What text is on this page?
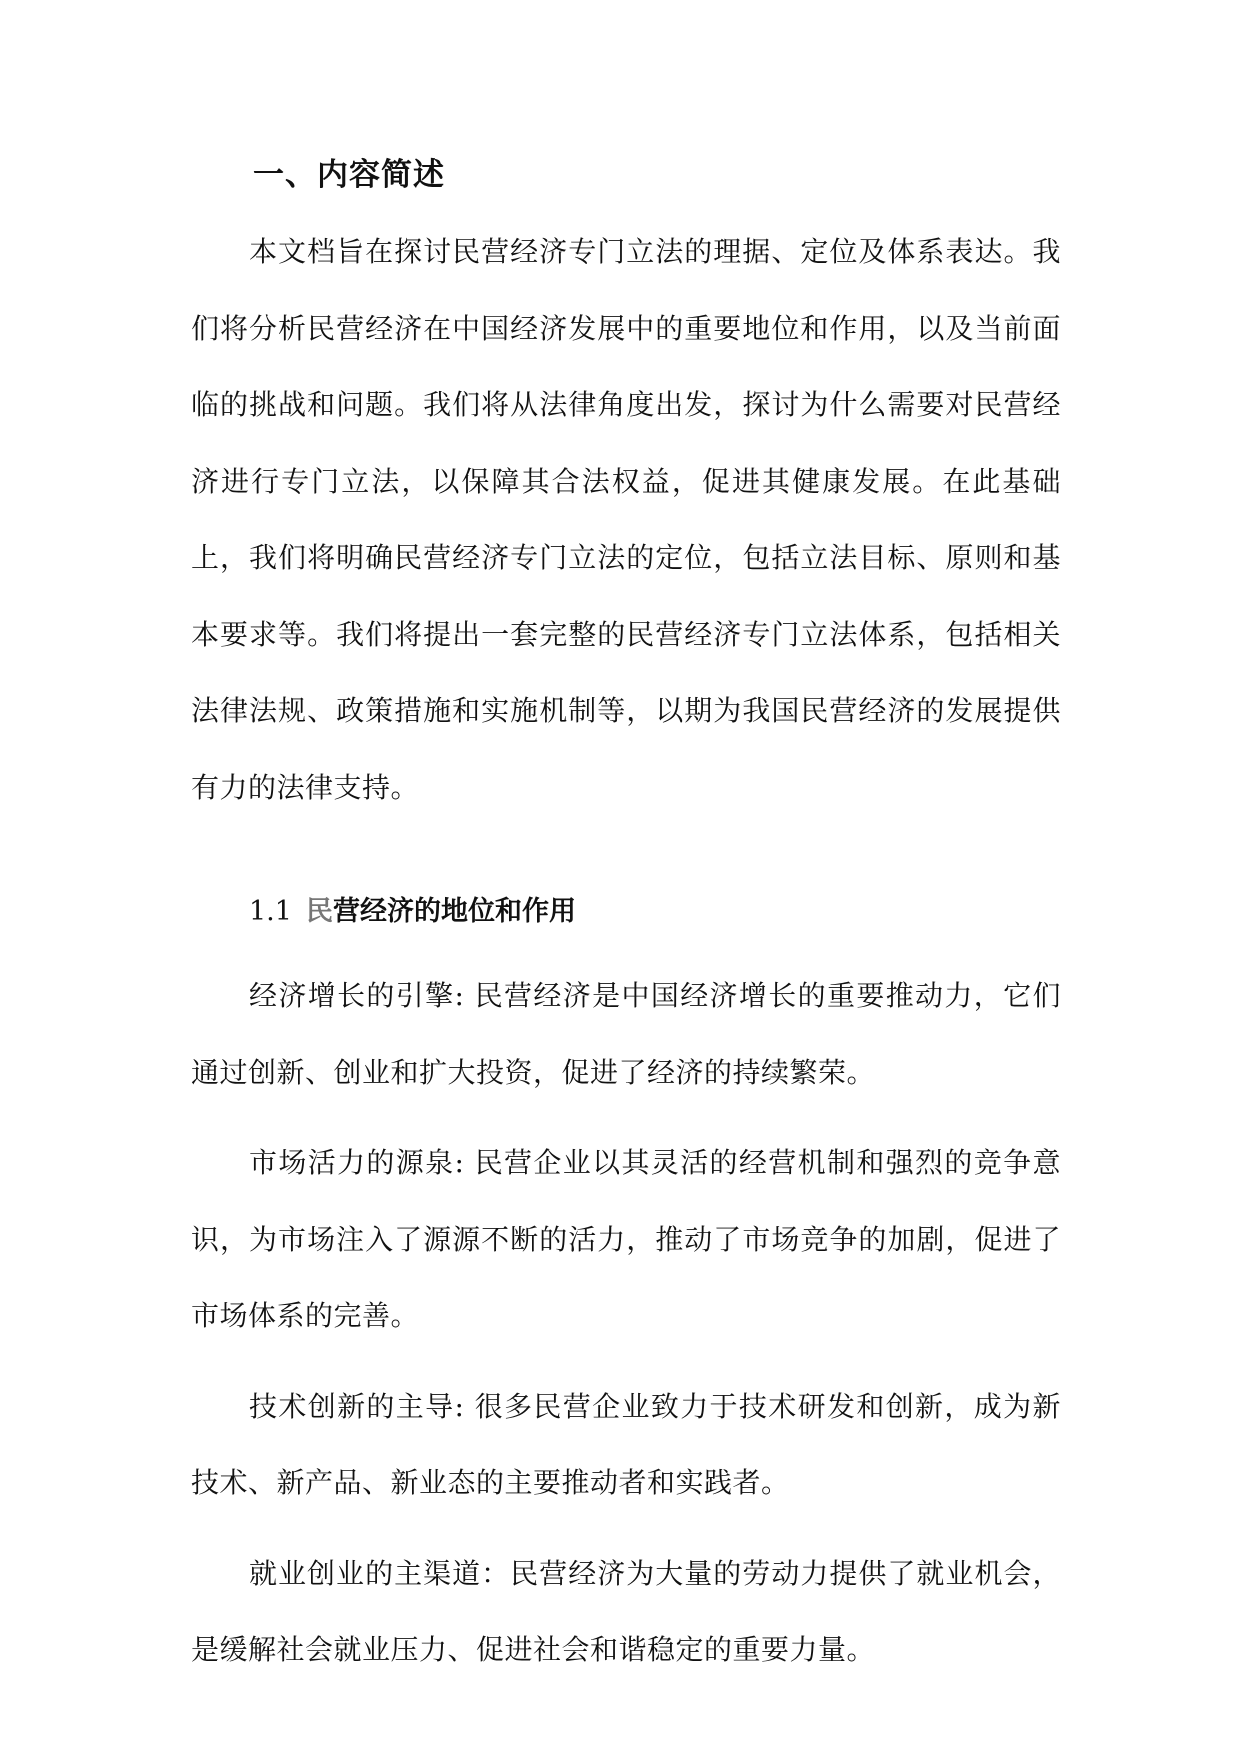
一、内容简述

本文档旨在探讨民营经济专门立法的理据、定位及体系表达。我们将分析民营经济在中国经济发展中的重要地位和作用，以及当前面临的挑战和问题。我们将从法律角度出发，探讨为什么需要对民营经济进行专门立法，以保障其合法权益，促进其健康发展。在此基础上，我们将明确民营经济专门立法的定位，包括立法目标、原则和基本要求等。我们将提出一套完整的民营经济专门立法体系，包括相关法律法规、政策措施和实施机制等，以期为我国民营经济的发展提供有力的法律支持。

1.1 民营经济的地位和作用

经济增长的引擎: 民营经济是中国经济增长的重要推动力，它们通过创新、创业和扩大投资，促进了经济的持续繁荣。

市场活力的源泉: 民营企业以其灵活的经营机制和强烈的竞争意识，为市场注入了源源不断的活力，推动了市场竞争的加剧，促进了市场体系的完善。

技术创新的主导: 很多民营企业致力于技术研发和创新，成为新技术、新产品、新业态的主要推动者和实践者。

就业创业的主渠道：民营经济为大量的劳动力提供了就业机会，是缓解社会就业压力、促进社会和谐稳定的重要力量。
